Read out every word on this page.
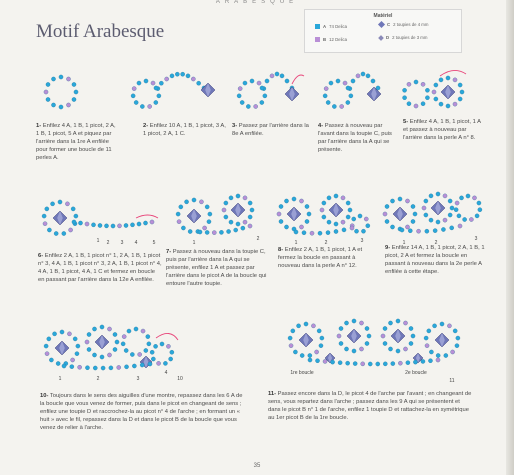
ARABESQUE
Motif Arabesque
Matériel
A 74 Delica
B 12 Delica
C 2 toupies de 4 mm
D 2 toupies de 3 mm
1- Enfilez 4 A, 1 B, 1 picot, 2 A, 1 B, 1 picot, 5 A et piquez par l'arrière dans la 1re A enfilée pour former une boucle de 11 perles A.
2- Enfilez 10 A, 1 B, 1 picot, 3 A, 1 picot, 2 A, 1 C.
3- Passez par l'arrière dans la 8e A enfilée.
4- Passez à nouveau par l'avant dans la toupie C, puis par l'arrière dans la A qui se présente.
5- Enfilez 4 A, 1 B, 1 picot, 1 A et passez à nouveau par l'arrière dans la perle A n° 8.
1 2 3 4	5	1
2
1	2	3	1	2
3
6- Enfilez 2 A, 1 B, 1 picot n° 1, 2 A, 1 B, 1 picot n° 3, 4 A, 1 B, 1 picot n° 3, 2 A, 1 B, 1 picot n° 4, 4 A, 1 B, 1 picot, 4 A, 1 C et fermez en boucle en passant par l'arrière dans la 12e A enfilée.
7- Passez à nouveau dans la toupie C, puis par l'arrière dans la A qui se présente, enfilez 1 A et passez par l'arrière dans le picot A de la boucle qui entoure l'autre toupie.
8- Enfilez 2 A, 1 B, 1 picot, 1 A et fermez la boucle en passant à nouveau dans la perle A n° 12.
9- Enfilez 14 A, 1 B, 1 picot, 2 A, 1 B, 1 picot, 2 A et fermez la boucle en passant à nouveau dans la 2e perle A enfilée à cette étape.
1	2	3
4
10
1re boucle	2e boucle
11
10- Toujours dans le sens des aiguilles d'une montre, repassez dans les 6 A de la boucle que vous venez de former, puis dans le picot en changeant de sens ; enfilez une toupie D et raccrochez-la au picot n° 4 de l'arche ; en formant un « huit » avec le fil, repassez dans la D et dans le picot B de la boucle que vous venez de relier à l'arche.
11- Passez encore dans la D, le picot 4 de l'arche par l'avant ; en changeant de sens, vous repartez dans l'arche ; passez dans les 9 A qui se présentent et dans le picot B n° 1 de l'arche, enfilez 1 toupie D et rattachez-la en symétrique au 1er picot B de la 1re boucle.
35
